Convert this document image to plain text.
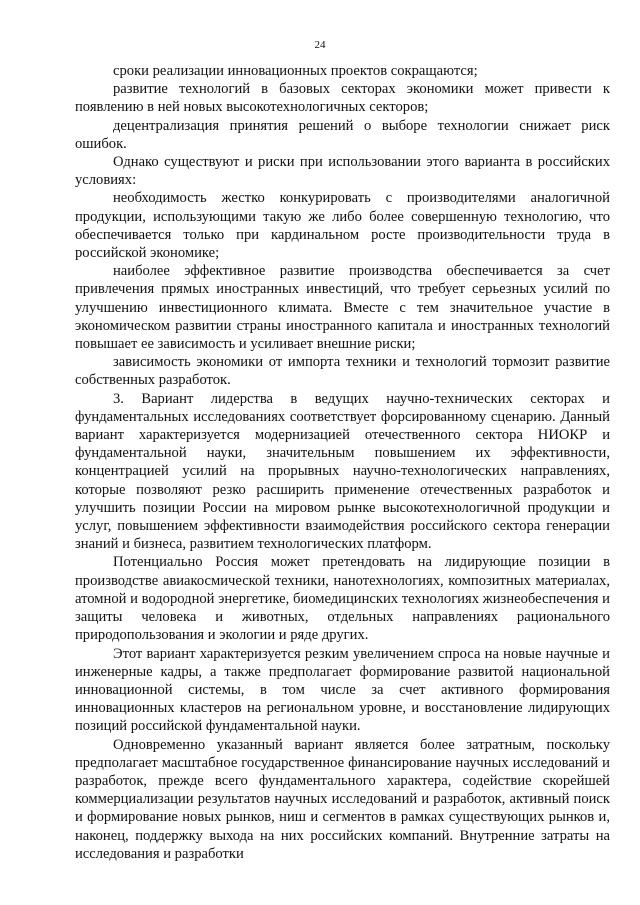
24

сроки реализации инновационных проектов сокращаются;

развитие технологий в базовых секторах экономики может привести к появлению в ней новых высокотехнологичных секторов;

децентрализация принятия решений о выборе технологии снижает риск ошибок.

Однако существуют и риски при использовании этого варианта в российских условиях:

необходимость жестко конкурировать с производителями аналогичной продукции, использующими такую же либо более совершенную технологию, что обеспечивается только при кардинальном росте производительности труда в российской экономике;

наиболее эффективное развитие производства обеспечивается за счет привлечения прямых иностранных инвестиций, что требует серьезных усилий по улучшению инвестиционного климата. Вместе с тем значительное участие в экономическом развитии страны иностранного капитала и иностранных технологий повышает ее зависимость и усиливает внешние риски;

зависимость экономики от импорта техники и технологий тормозит развитие собственных разработок.

3. Вариант лидерства в ведущих научно-технических секторах и фундаментальных исследованиях соответствует форсированному сценарию. Данный вариант характеризуется модернизацией отечественного сектора НИОКР и фундаментальной науки, значительным повышением их эффективности, концентрацией усилий на прорывных научно-технологических направлениях, которые позволяют резко расширить применение отечественных разработок и улучшить позиции России на мировом рынке высокотехнологичной продукции и услуг, повышением эффективности взаимодействия российского сектора генерации знаний и бизнеса, развитием технологических платформ.

Потенциально Россия может претендовать на лидирующие позиции в производстве авиакосмической техники, нанотехнологиях, композитных материалах, атомной и водородной энергетике, биомедицинских технологиях жизнеобеспечения и защиты человека и животных, отдельных направлениях рационального природопользования и экологии и ряде других.

Этот вариант характеризуется резким увеличением спроса на новые научные и инженерные кадры, а также предполагает формирование развитой национальной инновационной системы, в том числе за счет активного формирования инновационных кластеров на региональном уровне, и восстановление лидирующих позиций российской фундаментальной науки.

Одновременно указанный вариант является более затратным, поскольку предполагает масштабное государственное финансирование научных исследований и разработок, прежде всего фундаментального характера, содействие скорейшей коммерциализации результатов научных исследований и разработок, активный поиск и формирование новых рынков, ниш и сегментов в рамках существующих рынков и, наконец, поддержку выхода на них российских компаний. Внутренние затраты на исследования и разработки
